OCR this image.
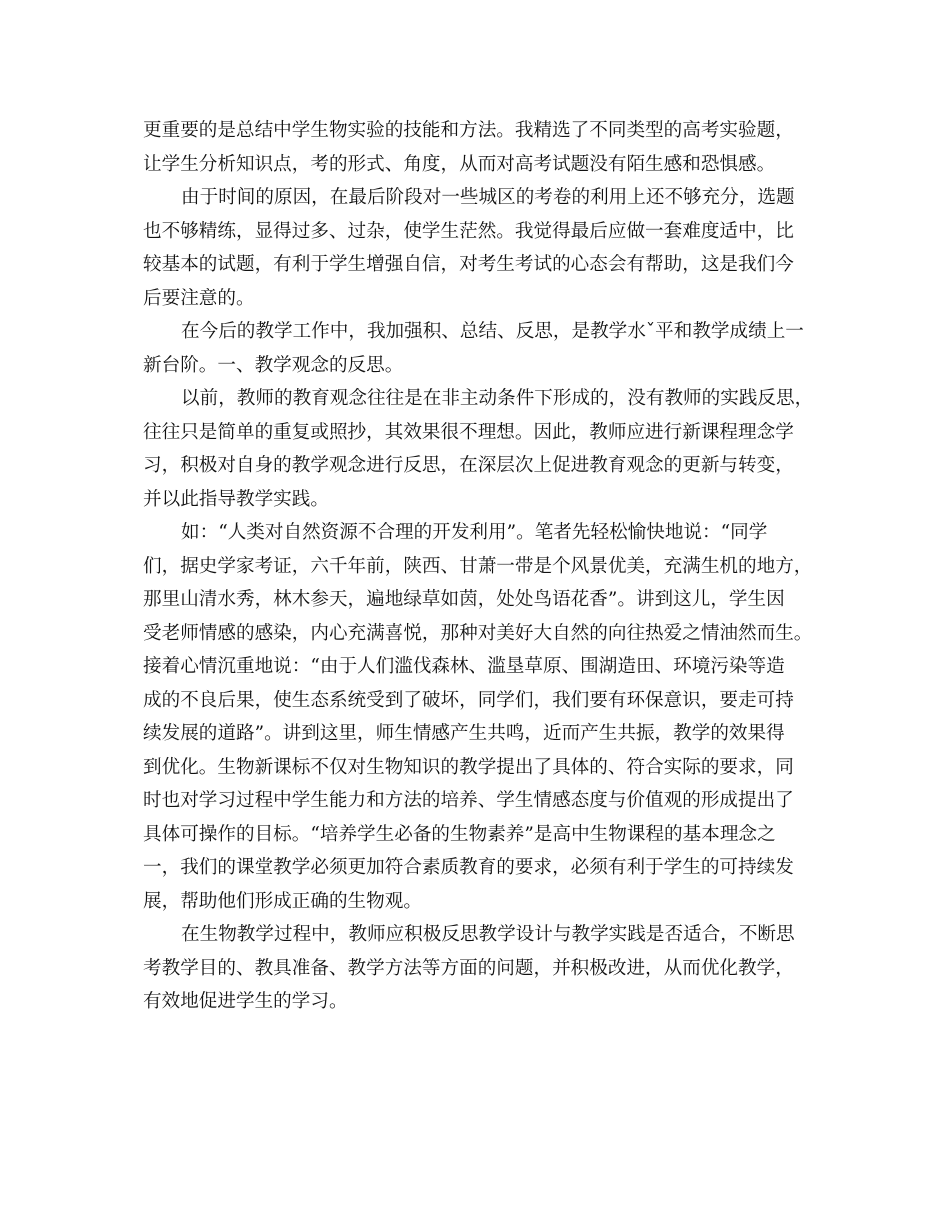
更重要的是总结中学生物实验的技能和方法。我精选了不同类型的高考实验题，
让学生分析知识点，考的形式、角度，从而对高考试题没有陌生感和恐惧感。
由于时间的原因，在最后阶段对一些城区的考卷的利用上还不够充分，选题
也不够精练，显得过多、过杂，使学生茫然。我觉得最后应做一套难度适中，比
较基本的试题，有利于学生增强自信，对考生考试的心态会有帮助，这是我们今
后要注意的。
在今后的教学工作中，我加强积、总结、反思，是教学水ˇ平和教学成绩上一
新台阶。一、教学观念的反思。
以前，教师的教育观念往往是在非主动条件下形成的，没有教师的实践反思，
往往只是简单的重复或照抄，其效果很不理想。因此，教师应进行新课程理念学
习，积极对自身的教学观念进行反思，在深层次上促进教育观念的更新与转变，
并以此指导教学实践。
如：“人类对自然资源不合理的开发利用”。笔者先轻松愉快地说：“同学
们，据史学家考证，六千年前，陕西、甘萧一带是个风景优美，充满生机的地方，
那里山清水秀，林木参天，遍地绿草如茵，处处鸟语花香”。讲到这儿，学生因
受老师情感的感染，内心充满喜悦，那种对美好大自然的向往热爱之情油然而生。
接着心情沉重地说：“由于人们滥伐森林、滥垦草原、围湖造田、环境污染等造
成的不良后果，使生态系统受到了破坏，同学们，我们要有环保意识，要走可持
续发展的道路”。讲到这里，师生情感产生共鸣，近而产生共振，教学的效果得
到优化。生物新课标不仅对生物知识的教学提出了具体的、符合实际的要求，同
时也对学习过程中学生能力和方法的培养、学生情感态度与价值观的形成提出了
具体可操作的目标。“培养学生必备的生物素养”是高中生物课程的基本理念之
一，我们的课堂教学必须更加符合素质教育的要求，必须有利于学生的可持续发
展，帮助他们形成正确的生物观。
在生物教学过程中，教师应积极反思教学设计与教学实践是否适合，不断思
考教学目的、教具准备、教学方法等方面的问题，并积极改进，从而优化教学，
有效地促进学生的学习。
